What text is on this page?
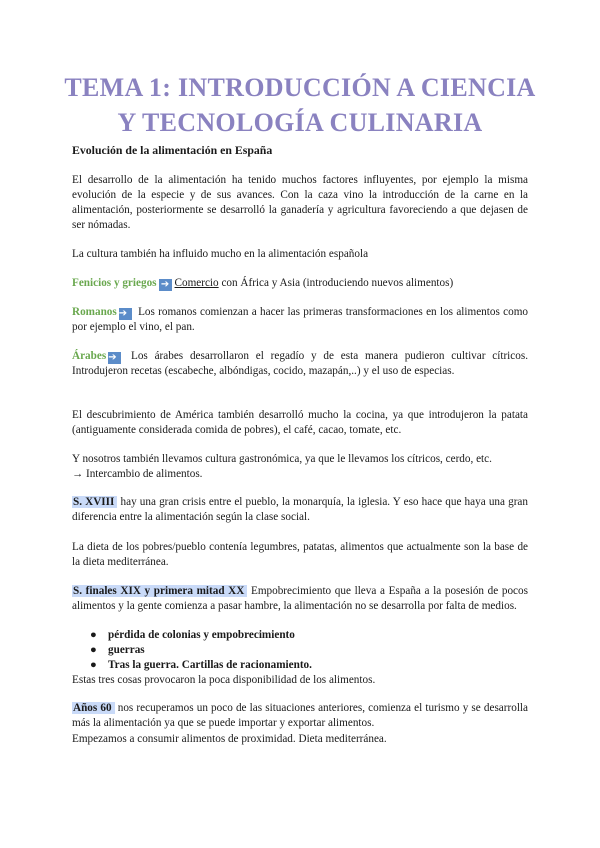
TEMA 1: INTRODUCCIÓN A CIENCIA
Y TECNOLOGÍA CULINARIA

Evolución de la alimentación en España

El desarrollo de la alimentación ha tenido muchos factores influyentes, por ejemplo la misma evolución de la especie y de sus avances. Con la caza vino la introducción de la carne en la alimentación, posteriormente se desarrolló la ganadería y agricultura favoreciendo a que dejasen de ser nómadas.

La cultura también ha influido mucho en la alimentación española

Fenicios y griegos ➔ Comercio con África y Asia (introduciendo nuevos alimentos)

Romanos ➔ Los romanos comienzan a hacer las primeras transformaciones en los alimentos como por ejemplo el vino, el pan.

Árabes ➔ Los árabes desarrollaron el regadío y de esta manera pudieron cultivar cítricos. Introdujeron recetas (escabeche, albóndigas, cocido, mazapán,..) y el uso de especias.

El descubrimiento de América también desarrolló mucho la cocina, ya que introdujeron la patata (antiguamente considerada comida de pobres), el café, cacao, tomate, etc.

Y nosotros también llevamos cultura gastronómica, ya que le llevamos los cítricos, cerdo, etc.

→ Intercambio de alimentos.

S. XVIII hay una gran crisis entre el pueblo, la monarquía, la iglesia. Y eso hace que haya una gran diferencia entre la alimentación según la clase social.

La dieta de los pobres/pueblo contenía legumbres, patatas, alimentos que actualmente son la base de la dieta mediterránea.

S. finales XIX y primera mitad XX Empobrecimiento que lleva a España a la posesión de pocos alimentos y la gente comienza a pasar hambre, la alimentación no se desarrolla por falta de medios.

● pérdida de colonias y empobrecimiento
● guerras
● Tras la guerra. Cartillas de racionamiento.

Estas tres cosas provocaron la poca disponibilidad de los alimentos.

Años 60 nos recuperamos un poco de las situaciones anteriores, comienza el turismo y se desarrolla más la alimentación ya que se puede importar y exportar alimentos.

Empezamos a consumir alimentos de proximidad. Dieta mediterránea.
